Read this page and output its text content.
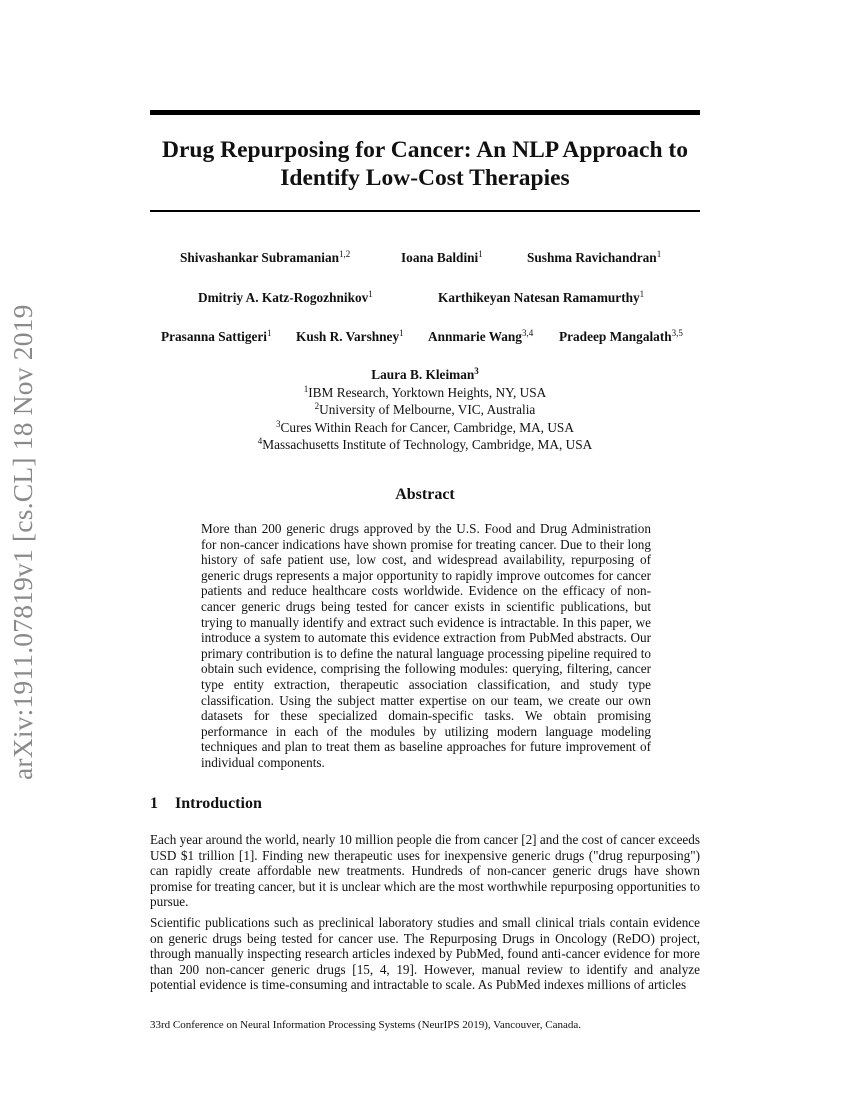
arXiv:1911.07819v1 [cs.CL] 18 Nov 2019
Drug Repurposing for Cancer: An NLP Approach to Identify Low-Cost Therapies
Shivashankar Subramanian$^{1,2}$	Ioana Baldini$^1$	Sushma Ravichandran$^1$
Dmitriy A. Katz-Rogozhnikov$^1$	Karthikeyan Natesan Ramamurthy$^1$
Prasanna Sattigeri$^1$ Kush R. Varshney$^1$ Annmarie Wang$^{3,4}$ Pradeep Mangalath$^{3,5}$
Laura B. Kleiman$^3$
$^1$IBM Research, Yorktown Heights, NY, USA
$^2$University of Melbourne, VIC, Australia
$^3$Cures Within Reach for Cancer, Cambridge, MA, USA
$^4$Massachusetts Institute of Technology, Cambridge, MA, USA
Abstract

More than 200 generic drugs approved by the U.S. Food and Drug Administration for non-cancer indications have shown promise for treating cancer. Due to their long history of safe patient use, low cost, and widespread availability, repurposing of generic drugs represents a major opportunity to rapidly improve outcomes for cancer patients and reduce healthcare costs worldwide. Evidence on the efficacy of non-cancer generic drugs being tested for cancer exists in scientific publications, but trying to manually identify and extract such evidence is intractable. In this paper, we introduce a system to automate this evidence extraction from PubMed abstracts. Our primary contribution is to define the natural language processing pipeline required to obtain such evidence, comprising the following modules: querying, filtering, cancer type entity extraction, therapeutic association classification, and study type classification. Using the subject matter expertise on our team, we create our own datasets for these specialized domain-specific tasks. We obtain promising performance in each of the modules by utilizing modern language modeling techniques and plan to treat them as baseline approaches for future improvement of individual components.

1 Introduction

Each year around the world, nearly 10 million people die from cancer [2] and the cost of cancer exceeds USD $1 trillion [1]. Finding new therapeutic uses for inexpensive generic drugs ("drug repurposing") can rapidly create affordable new treatments. Hundreds of non-cancer generic drugs have shown promise for treating cancer, but it is unclear which are the most worthwhile repurposing opportunities to pursue.

Scientific publications such as preclinical laboratory studies and small clinical trials contain evidence on generic drugs being tested for cancer use. The Repurposing Drugs in Oncology (ReDO) project, through manually inspecting research articles indexed by PubMed, found anti-cancer evidence for more than 200 non-cancer generic drugs [15, 4, 19]. However, manual review to identify and analyze potential evidence is time-consuming and intractable to scale. As PubMed indexes millions of articles

33rd Conference on Neural Information Processing Systems (NeurIPS 2019), Vancouver, Canada.
